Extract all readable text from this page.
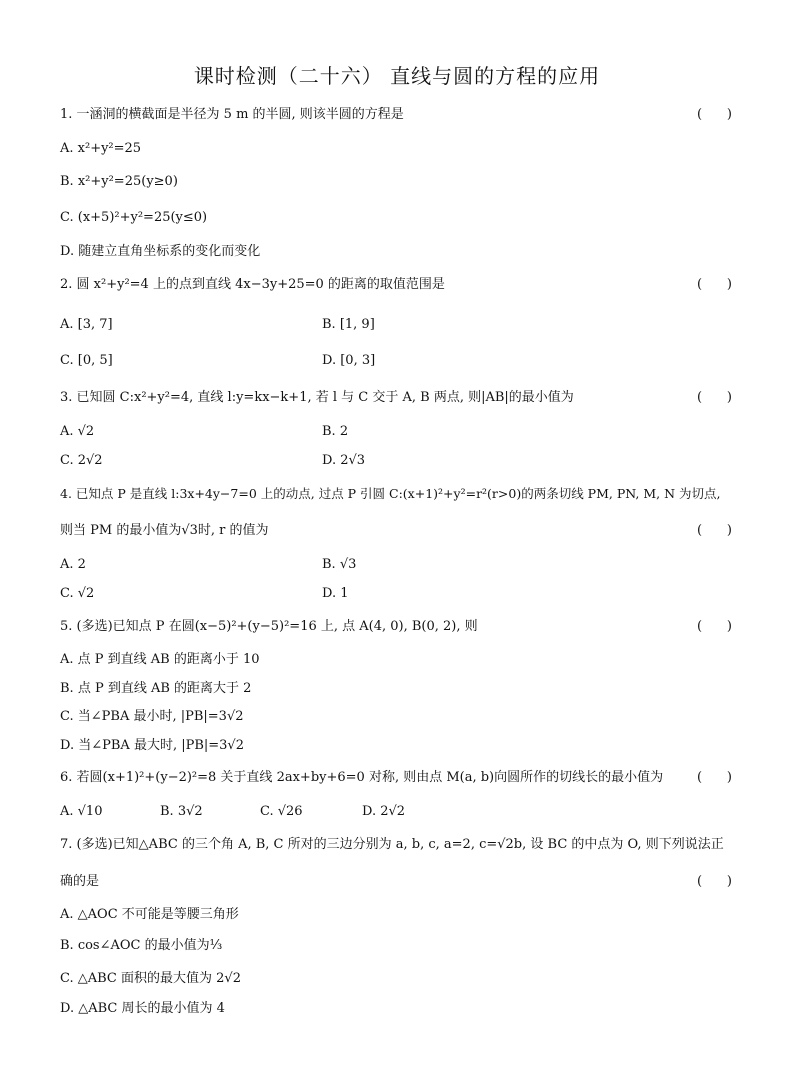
课时检测（二十六） 直线与圆的方程的应用
1. 一涵洞的横截面是半径为 5 m 的半圆, 则该半圆的方程是	(      )
A. x²+y²=25
B. x²+y²=25(y≥0)
C. (x+5)²+y²=25(y≤0)
D. 随建立直角坐标系的变化而变化
2. 圆 x²+y²=4 上的点到直线 4x−3y+25=0 的距离的取值范围是	(      )
A. [3, 7]	B. [1, 9]
C. [0, 5]	D. [0, 3]
3. 已知圆 C:x²+y²=4, 直线 l:y=kx−k+1, 若 l 与 C 交于 A, B 两点, 则|AB|的最小值为	(      )
A. √2	B. 2
C. 2√2	D. 2√3
4. 已知点 P 是直线 l:3x+4y−7=0 上的动点, 过点 P 引圆 C:(x+1)²+y²=r²(r>0)的两条切线 PM, PN, M, N 为切点,
则当 PM 的最小值为√3时, r 的值为	(      )
A. 2	B. √3
C. √2	D. 1
5. (多选)已知点 P 在圆(x−5)²+(y−5)²=16 上, 点 A(4, 0), B(0, 2), 则	(      )
A. 点 P 到直线 AB 的距离小于 10
B. 点 P 到直线 AB 的距离大于 2
C. 当∠PBA 最小时, |PB|=3√2
D. 当∠PBA 最大时, |PB|=3√2
6. 若圆(x+1)²+(y−2)²=8 关于直线 2ax+by+6=0 对称, 则由点 M(a, b)向圆所作的切线长的最小值为	(      )
A. √10	B. 3√2	C. √26	D. 2√2
7. (多选)已知△ABC 的三个角 A, B, C 所对的三边分别为 a, b, c, a=2, c=√2b, 设 BC 的中点为 O, 则下列说法正
确的是	(      )
A. △AOC 不可能是等腰三角形
B. cos∠AOC 的最小值为⅓
C. △ABC 面积的最大值为 2√2
D. △ABC 周长的最小值为 4
